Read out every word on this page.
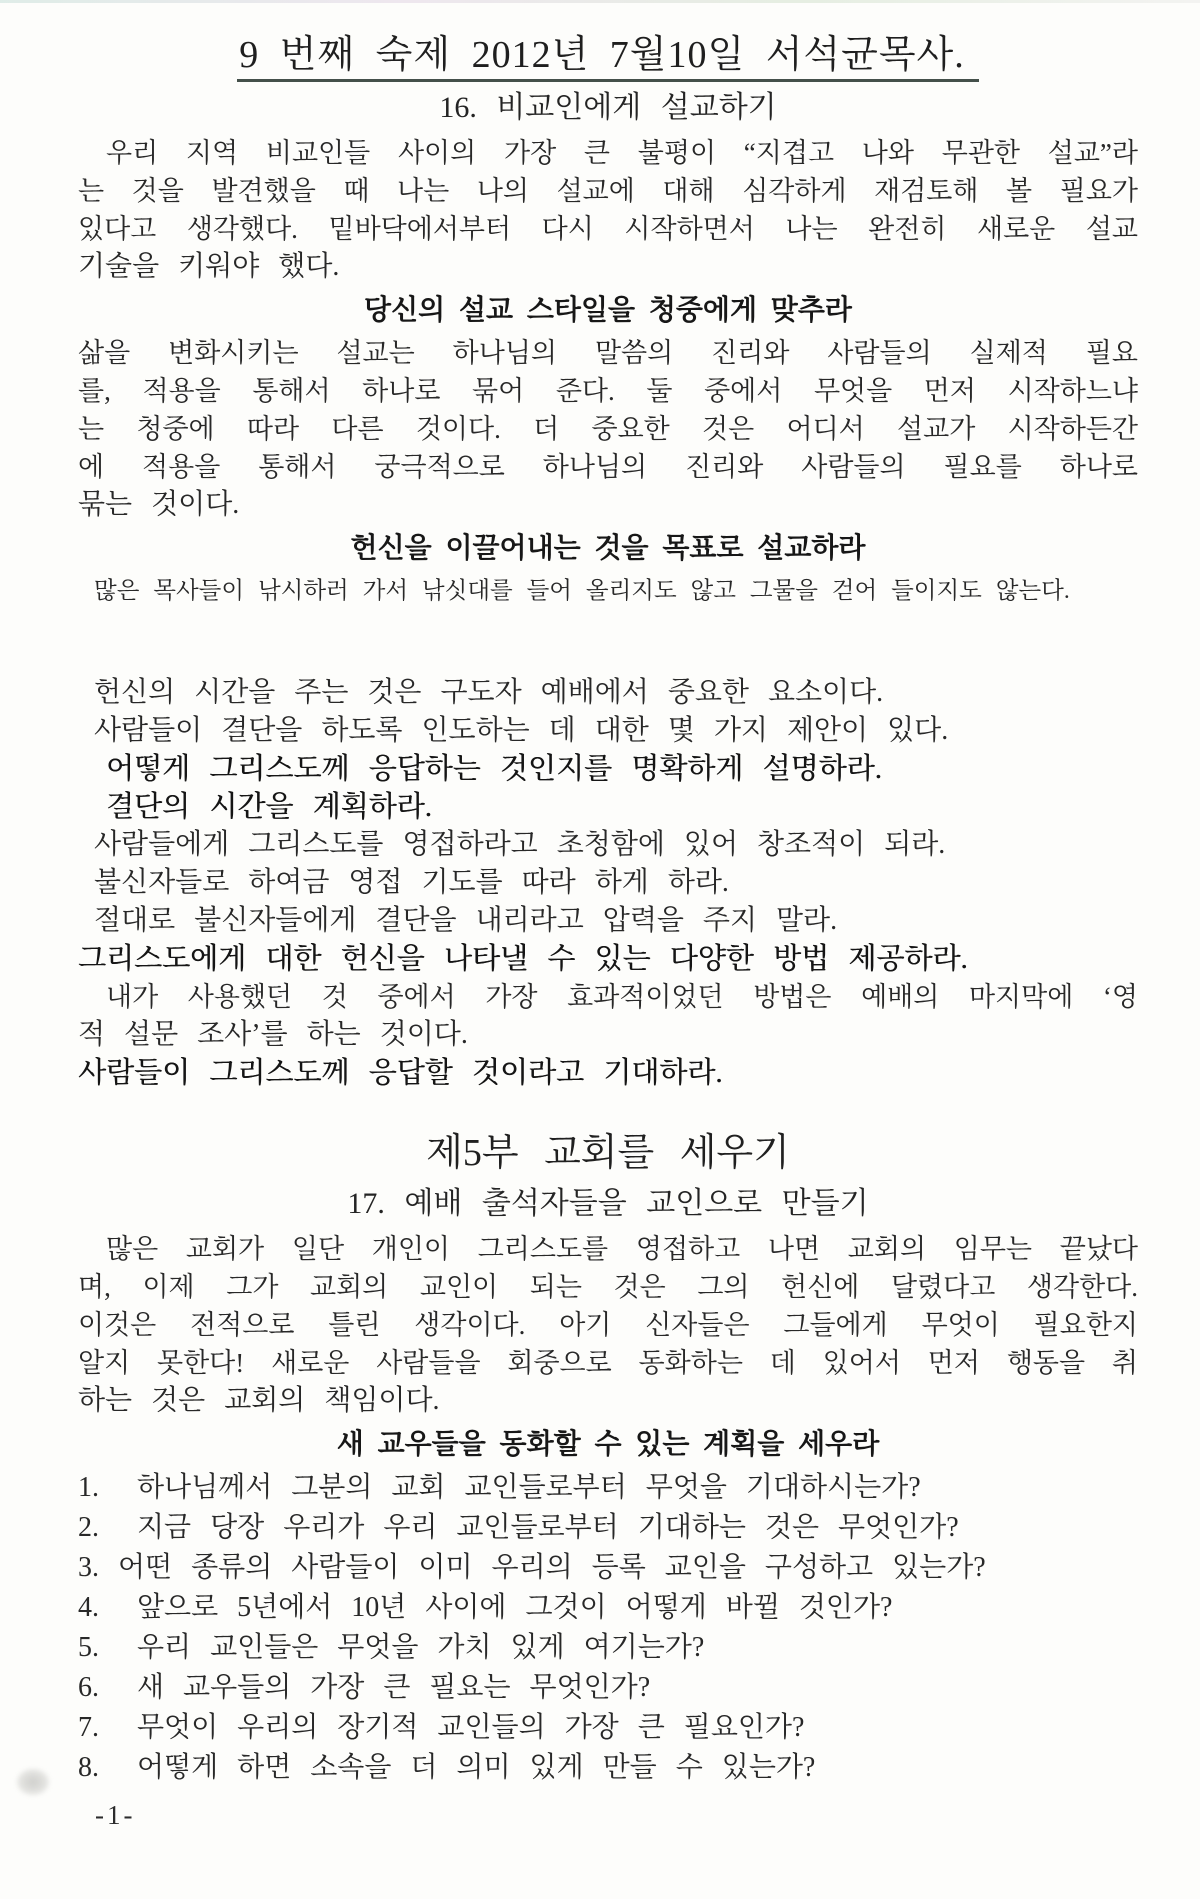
9 번째 숙제 2012년 7월10일 서석균목사.
16. 비교인에게 설교하기
우리 지역 비교인들 사이의 가장 큰 불평이 “지겹고 나와 무관한 설교”라
는 것을 발견했을 때 나는 나의 설교에 대해 심각하게 재검토해 볼 필요가
있다고 생각했다. 밑바닥에서부터 다시 시작하면서 나는 완전히 새로운 설교
기술을 키워야 했다.
당신의 설교 스타일을 청중에게 맞추라
삶을 변화시키는 설교는 하나님의 말씀의 진리와 사람들의 실제적 필요
를, 적용을 통해서 하나로 묶어 준다. 둘 중에서 무엇을 먼저 시작하느냐
는 청중에 따라 다른 것이다. 더 중요한 것은 어디서 설교가 시작하든간
에 적용을 통해서 궁극적으로 하나님의 진리와 사람들의 필요를 하나로
묶는 것이다.
헌신을 이끌어내는 것을 목표로 설교하라
많은 목사들이 낚시하러 가서 낚싯대를 들어 올리지도 않고 그물을 걷어 들이지도 않는다.
헌신의 시간을 주는 것은 구도자 예배에서 중요한 요소이다.
사람들이 결단을 하도록 인도하는 데 대한 몇 가지 제안이 있다.
어떻게 그리스도께 응답하는 것인지를 명확하게 설명하라.
결단의 시간을 계획하라.
사람들에게 그리스도를 영접하라고 초청함에 있어 창조적이 되라.
불신자들로 하여금 영접 기도를 따라 하게 하라.
절대로 불신자들에게 결단을 내리라고 압력을 주지 말라.
그리스도에게 대한 헌신을 나타낼 수 있는 다양한 방법 제공하라.
내가 사용했던 것 중에서 가장 효과적이었던 방법은 예배의 마지막에 ‘영
적 설문 조사’를 하는 것이다.
사람들이 그리스도께 응답할 것이라고 기대하라.
제5부 교회를 세우기
17. 예배 출석자들을 교인으로 만들기
많은 교회가 일단 개인이 그리스도를 영접하고 나면 교회의 임무는 끝났다
며, 이제 그가 교회의 교인이 되는 것은 그의 헌신에 달렸다고 생각한다.
이것은 전적으로 틀린 생각이다. 아기 신자들은 그들에게 무엇이 필요한지
알지 못한다! 새로운 사람들을 회중으로 동화하는 데 있어서 먼저 행동을 취
하는 것은 교회의 책임이다.
새 교우들을 동화할 수 있는 계획을 세우라
1.  하나님께서 그분의 교회 교인들로부터 무엇을 기대하시는가?
2.  지금 당장 우리가 우리 교인들로부터 기대하는 것은 무엇인가?
3. 어떤 종류의 사람들이 이미 우리의 등록 교인을 구성하고 있는가?
4.  앞으로 5년에서 10년 사이에 그것이 어떻게 바뀔 것인가?
5.  우리 교인들은 무엇을 가치 있게 여기는가?
6.  새 교우들의 가장 큰 필요는 무엇인가?
7.  무엇이 우리의 장기적 교인들의 가장 큰 필요인가?
8.  어떻게 하면 소속을 더 의미 있게 만들 수 있는가?
-1-
